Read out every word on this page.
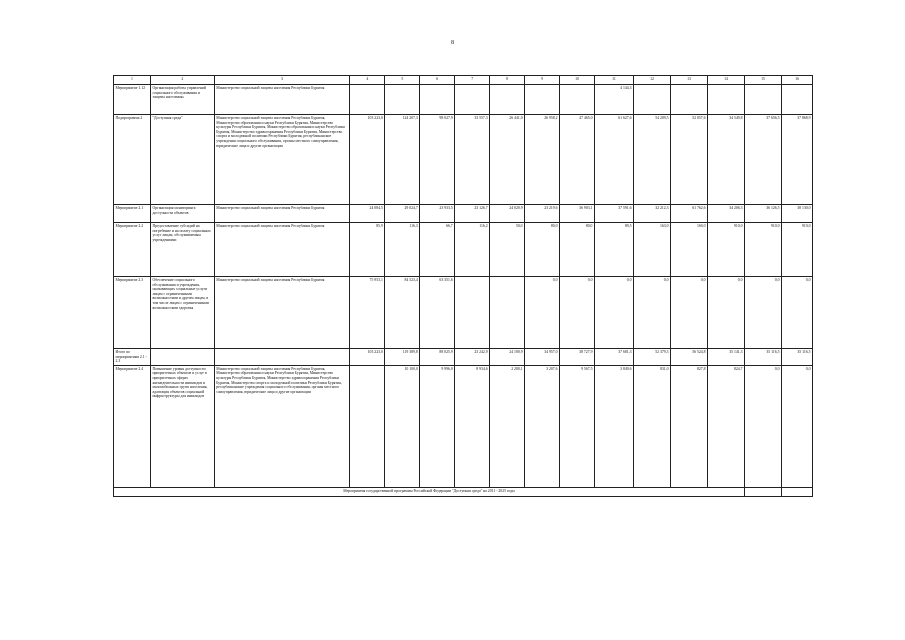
8
1	2	3	4	5	6	7	8	9	10	11	12	13	14	15	16
Мероприятие 1.12	Организация работы управлений социального обслуживания и защиты населения»	Министерство социальной защиты населения Республики Бурятия								4 144,3					
Подпрограмма 2	"Доступная среда"	Министерство социальной защиты населения Республики Бурятия, Министерство образования и науки Республики Бурятия, Министерство культуры Республики Бурятия, Министерство образования и науки Республики Бурятия, Министерство здравоохранения Республики Бурятия, Министерство спорта и молодежной политики Республики Бурятия, республиканские учреждения социального обслуживания, органы местного самоуправления, юридические лица и другие организации	103 223,0	124 207,3	98 027,9	33 557,3	26 441,0	26 958,2	47 465,0	61 627,6	54 209,5	52 057,6	34 549,8	37 656,5	37 868,9
Мероприятие 2.1	Организация мониторинга доступности объектов	Министерство социальной защиты населения Республики Бурятия	24 084,5	29 024,7	23 933,5	23 126,7	24 020,9	23 219,6	36 903,1	37 591,6	32 212,3	61 762,6	34 206,3	36 126,5	38 130,0
Мероприятие 2.2	Предоставление субсидий на погребение и на оплату социальных услуг лицам, обслуживаемым учреждениями	Министерство социальной защиты населения Республики Бурятия	85,9	116,3	66,7	116,2	50,0	80,0	80,0	89,5	163,0	160,0	910,0	910,0	910,0
Мероприятие 2.3	Обеспечение социального обслуживания и учреждения, оказывающих социальные услуги лицам с ограниченными возможностями и другим лицам, в том числе лицам с ограниченными возможностями здоровья	Министерство социальной защиты населения Республики Бурятия	75 953,1	84 523,4	63 351,6			0,0	0,0	0,0	0,0	0,0	0,0	0,0	0,0
Итого по мероприятиям 2.1 - 2.3			103 223,0	119 389,8	88 025,9	23 242,9	24 180,9	34 957,0	38 727,9	37 681,3	52 379,3	56 524,8	35 141,3	35 116,5	35 116,5
Мероприятие 2.4	Повышение уровня доступности приоритетных объектов и услуг в приоритетных сферах жизнедеятельности инвалидов и маломобильных групп населения, адаптация объектов социальной инфраструктуры для инвалидов	Министерство социальной защиты населения Республики Бурятия, Министерство образования и науки Республики Бурятия, Министерство культуры Республики Бурятия, Министерство здравоохранения Республики Бурятия, Министерство спорта и молодежной политики Республики Бурятия, республиканские учреждения социального обслуживания, органы местного самоуправления, юридические лица и другие организации		10 100,0	9 996,0	8 934,6	2 280,1	3 207,6	9 567,5	3 849,6	831,0	827,8	824,7	0,0	0,0
Мероприятия государственной программы Российской Федерации "Доступная среда" на 2011 - 2025 годы															
